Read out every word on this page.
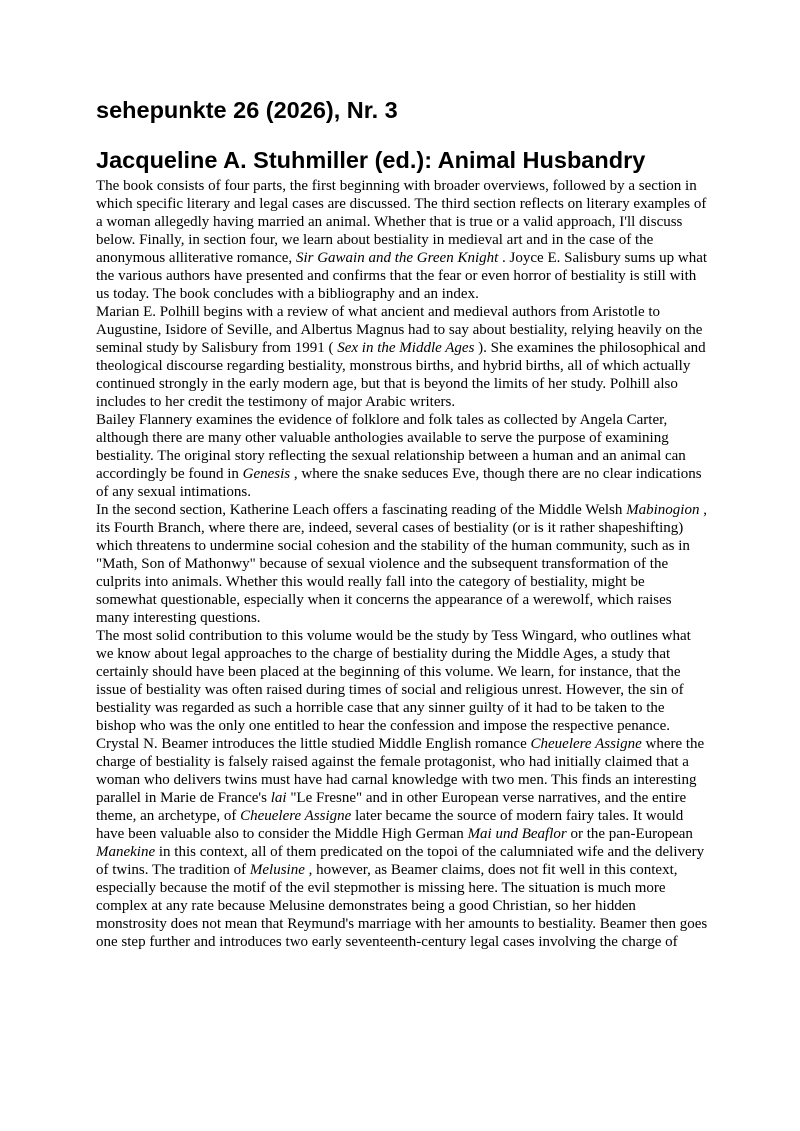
sehepunkte 26 (2026), Nr. 3
Jacqueline A. Stuhmiller (ed.): Animal Husbandry

The book consists of four parts, the first beginning with broader overviews, followed by a section in which specific literary and legal cases are discussed. The third section reflects on literary examples of a woman allegedly having married an animal. Whether that is true or a valid approach, I'll discuss below. Finally, in section four, we learn about bestiality in medieval art and in the case of the anonymous alliterative romance, Sir Gawain and the Green Knight . Joyce E. Salisbury sums up what the various authors have presented and confirms that the fear or even horror of bestiality is still with us today. The book concludes with a bibliography and an index.

Marian E. Polhill begins with a review of what ancient and medieval authors from Aristotle to Augustine, Isidore of Seville, and Albertus Magnus had to say about bestiality, relying heavily on the seminal study by Salisbury from 1991 ( Sex in the Middle Ages ). She examines the philosophical and theological discourse regarding bestiality, monstrous births, and hybrid births, all of which actually continued strongly in the early modern age, but that is beyond the limits of her study. Polhill also includes to her credit the testimony of major Arabic writers.

Bailey Flannery examines the evidence of folklore and folk tales as collected by Angela Carter, although there are many other valuable anthologies available to serve the purpose of examining bestiality. The original story reflecting the sexual relationship between a human and an animal can accordingly be found in Genesis , where the snake seduces Eve, though there are no clear indications of any sexual intimations.

In the second section, Katherine Leach offers a fascinating reading of the Middle Welsh Mabinogion , its Fourth Branch, where there are, indeed, several cases of bestiality (or is it rather shapeshifting) which threatens to undermine social cohesion and the stability of the human community, such as in "Math, Son of Mathonwy" because of sexual violence and the subsequent transformation of the culprits into animals. Whether this would really fall into the category of bestiality, might be somewhat questionable, especially when it concerns the appearance of a werewolf, which raises many interesting questions.

The most solid contribution to this volume would be the study by Tess Wingard, who outlines what we know about legal approaches to the charge of bestiality during the Middle Ages, a study that certainly should have been placed at the beginning of this volume. We learn, for instance, that the issue of bestiality was often raised during times of social and religious unrest. However, the sin of bestiality was regarded as such a horrible case that any sinner guilty of it had to be taken to the bishop who was the only one entitled to hear the confession and impose the respective penance.

Crystal N. Beamer introduces the little studied Middle English romance Cheuelere Assigne where the charge of bestiality is falsely raised against the female protagonist, who had initially claimed that a woman who delivers twins must have had carnal knowledge with two men. This finds an interesting parallel in Marie de France's lai "Le Fresne" and in other European verse narratives, and the entire theme, an archetype, of Cheuelere Assigne later became the source of modern fairy tales. It would have been valuable also to consider the Middle High German Mai und Beaflor or the pan-European Manekine in this context, all of them predicated on the topoi of the calumniated wife and the delivery of twins. The tradition of Melusine , however, as Beamer claims, does not fit well in this context, especially because the motif of the evil stepmother is missing here. The situation is much more complex at any rate because Melusine demonstrates being a good Christian, so her hidden monstrosity does not mean that Reymund's marriage with her amounts to bestiality. Beamer then goes one step further and introduces two early seventeenth-century legal cases involving the charge of
